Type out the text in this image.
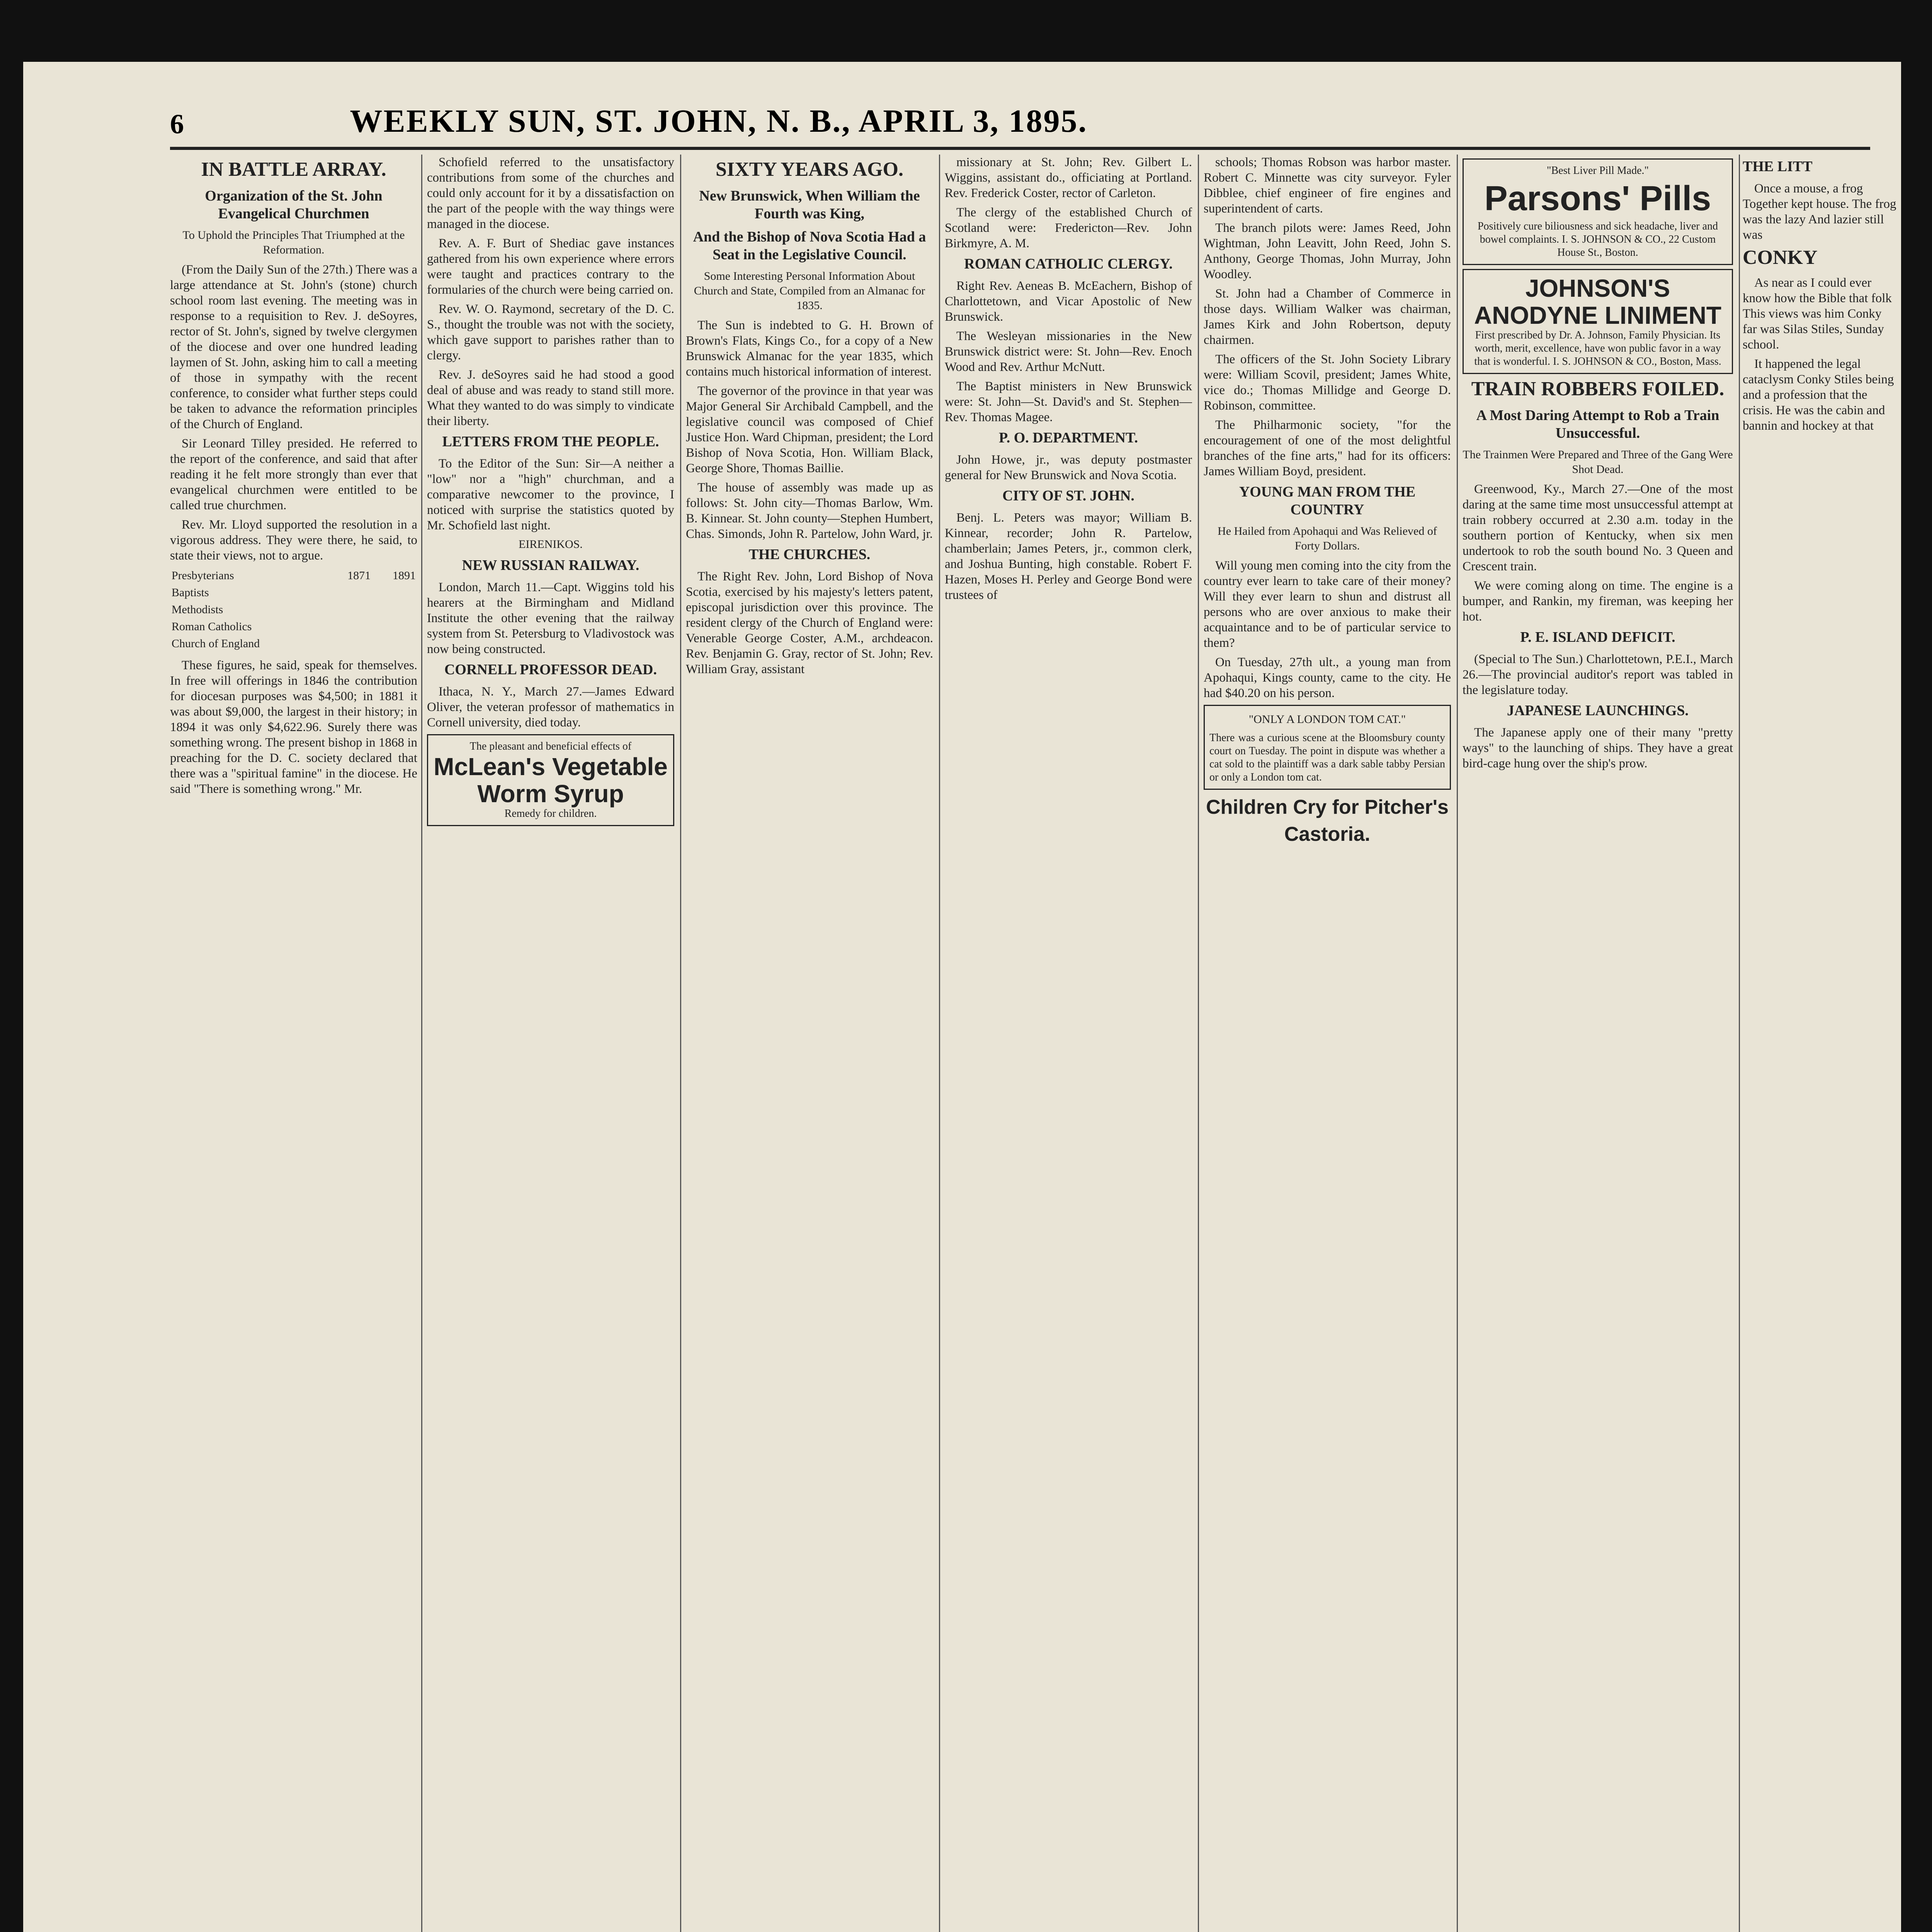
6	WEEKLY SUN, ST. JOHN, N. B., APRIL 3, 1895.
IN BATTLE ARRAY.
Organization of the St. John Evangelical Churchmen
To Uphold the Principles That Triumphed at the Reformation.

(From the Daily Sun of the 27th.) There was a large attendance at St. John's (stone) church school room last evening. The meeting was in response to a requisition to Rev. J. deSoyres, rector of St. John's, signed by twelve clergymen of the diocese and over one hundred leading laymen of St. John, asking him to call a meeting of those in sympathy with the recent conference, to consider what further steps could be taken to advance the reformation principles of the Church of England.

Sir Leonard Tilley presided. He referred to the report of the conference, and said that after reading it he felt more strongly than ever that evangelical churchmen were entitled to be called true churchmen.

Rev. Mr. Lloyd supported the resolution in a vigorous address. They were there, he said, to state their views, not to argue.

Presbyterians	1871	1891
Baptists		
Methodists		
Roman Catholics		
Church of England		

These figures, he said, speak for themselves. In free will offerings in 1846 the contribution for diocesan purposes was $4,500; in 1881 it was about $9,000, the largest in their history; in 1894 it was only $4,622.96. Surely there was something wrong. The present bishop in 1868 in preaching for the D. C. society declared that there was a "spiritual famine" in the diocese. He said "There is something wrong." Mr.

Schofield referred to the unsatisfactory contributions from some of the churches and could only account for it by a dissatisfaction on the part of the people with the way things were managed in the diocese.

Rev. A. F. Burt of Shediac gave instances gathered from his own experience where errors were taught and practices contrary to the formularies of the church were being carried on.

Rev. W. O. Raymond, secretary of the D. C. S., thought the trouble was not with the society, which gave support to parishes rather than to clergy.

Rev. J. deSoyres said he had stood a good deal of abuse and was ready to stand still more. What they wanted to do was simply to vindicate their liberty.

LETTERS FROM THE PEOPLE.

To the Editor of the Sun: Sir—A neither a "low" nor a "high" churchman, and a comparative newcomer to the province, I noticed with surprise the statistics quoted by Mr. Schofield last night.

EIRENIKOS.
NEW RUSSIAN RAILWAY.

London, March 11.—Capt. Wiggins told his hearers at the Birmingham and Midland Institute the other evening that the railway system from St. Petersburg to Vladivostock was now being constructed.

CORNELL PROFESSOR DEAD.

Ithaca, N. Y., March 27.—James Edward Oliver, the veteran professor of mathematics in Cornell university, died today.

The pleasant and beneficial effects of
McLean's Vegetable Worm Syrup
Remedy for children.
SIXTY YEARS AGO.
New Brunswick, When William the Fourth was King,
And the Bishop of Nova Scotia Had a Seat in the Legislative Council.
Some Interesting Personal Information About Church and State, Compiled from an Almanac for 1835.

The Sun is indebted to G. H. Brown of Brown's Flats, Kings Co., for a copy of a New Brunswick Almanac for the year 1835, which contains much historical information of interest.

The governor of the province in that year was Major General Sir Archibald Campbell, and the legislative council was composed of Chief Justice Hon. Ward Chipman, president; the Lord Bishop of Nova Scotia, Hon. William Black, George Shore, Thomas Baillie.

The house of assembly was made up as follows: St. John city—Thomas Barlow, Wm. B. Kinnear. St. John county—Stephen Humbert, Chas. Simonds, John R. Partelow, John Ward, jr.

THE CHURCHES.

The Right Rev. John, Lord Bishop of Nova Scotia, exercised by his majesty's letters patent, episcopal jurisdiction over this province. The resident clergy of the Church of England were: Venerable George Coster, A.M., archdeacon. Rev. Benjamin G. Gray, rector of St. John; Rev. William Gray, assistant

missionary at St. John; Rev. Gilbert L. Wiggins, assistant do., officiating at Portland. Rev. Frederick Coster, rector of Carleton.

The clergy of the established Church of Scotland were: Fredericton—Rev. John Birkmyre, A. M.

ROMAN CATHOLIC CLERGY.

Right Rev. Aeneas B. McEachern, Bishop of Charlottetown, and Vicar Apostolic of New Brunswick.

The Wesleyan missionaries in the New Brunswick district were: St. John—Rev. Enoch Wood and Rev. Arthur McNutt.

The Baptist ministers in New Brunswick were: St. John—St. David's and St. Stephen—Rev. Thomas Magee.

P. O. DEPARTMENT.

John Howe, jr., was deputy postmaster general for New Brunswick and Nova Scotia.

CITY OF ST. JOHN.

Benj. L. Peters was mayor; William B. Kinnear, recorder; John R. Partelow, chamberlain; James Peters, jr., common clerk, and Joshua Bunting, high constable. Robert F. Hazen, Moses H. Perley and George Bond were trustees of

schools; Thomas Robson was harbor master. Robert C. Minnette was city surveyor. Fyler Dibblee, chief engineer of fire engines and superintendent of carts.

The branch pilots were: James Reed, John Wightman, John Leavitt, John Reed, John S. Anthony, George Thomas, John Murray, John Woodley.

St. John had a Chamber of Commerce in those days. William Walker was chairman, James Kirk and John Robertson, deputy chairmen.

The officers of the St. John Society Library were: William Scovil, president; James White, vice do.; Thomas Millidge and George D. Robinson, committee.

The Philharmonic society, "for the encouragement of one of the most delightful branches of the fine arts," had for its officers: James William Boyd, president.

YOUNG MAN FROM THE COUNTRY
He Hailed from Apohaqui and Was Relieved of Forty Dollars.

Will young men coming into the city from the country ever learn to take care of their money? Will they ever learn to shun and distrust all persons who are over anxious to make their acquaintance and to be of particular service to them?

On Tuesday, 27th ult., a young man from Apohaqui, Kings county, came to the city. He had $40.20 on his person.

"ONLY A LONDON TOM CAT."
There was a curious scene at the Bloomsbury county court on Tuesday. The point in dispute was whether a cat sold to the plaintiff was a dark sable tabby Persian or only a London tom cat.
Children Cry for Pitcher's Castoria.
"Best Liver Pill Made."
Parsons' Pills
Positively cure biliousness and sick headache, liver and bowel complaints. I. S. JOHNSON & CO., 22 Custom House St., Boston.
JOHNSON'S ANODYNE LINIMENT
First prescribed by Dr. A. Johnson, Family Physician. Its worth, merit, excellence, have won public favor in a way that is wonderful. I. S. JOHNSON & CO., Boston, Mass.
TRAIN ROBBERS FOILED.
A Most Daring Attempt to Rob a Train Unsuccessful.
The Trainmen Were Prepared and Three of the Gang Were Shot Dead.

Greenwood, Ky., March 27.—One of the most daring at the same time most unsuccessful attempt at train robbery occurred at 2.30 a.m. today in the southern portion of Kentucky, when six men undertook to rob the south bound No. 3 Queen and Crescent train.

We were coming along on time. The engine is a bumper, and Rankin, my fireman, was keeping her hot.

P. E. ISLAND DEFICIT.

(Special to The Sun.) Charlottetown, P.E.I., March 26.—The provincial auditor's report was tabled in the legislature today.

JAPANESE LAUNCHINGS.

The Japanese apply one of their many "pretty ways" to the launching of ships. They have a great bird-cage hung over the ship's prow.

THE LITT

Once a mouse, a frog Together kept house. The frog was the lazy And lazier still was

CONKY

As near as I could ever know how the Bible that folk This views was him Conky far was Silas Stiles, Sunday school.

It happened the legal cataclysm Conky Stiles being and a profession that the crisis. He was the cabin and bannin and hockey at that
